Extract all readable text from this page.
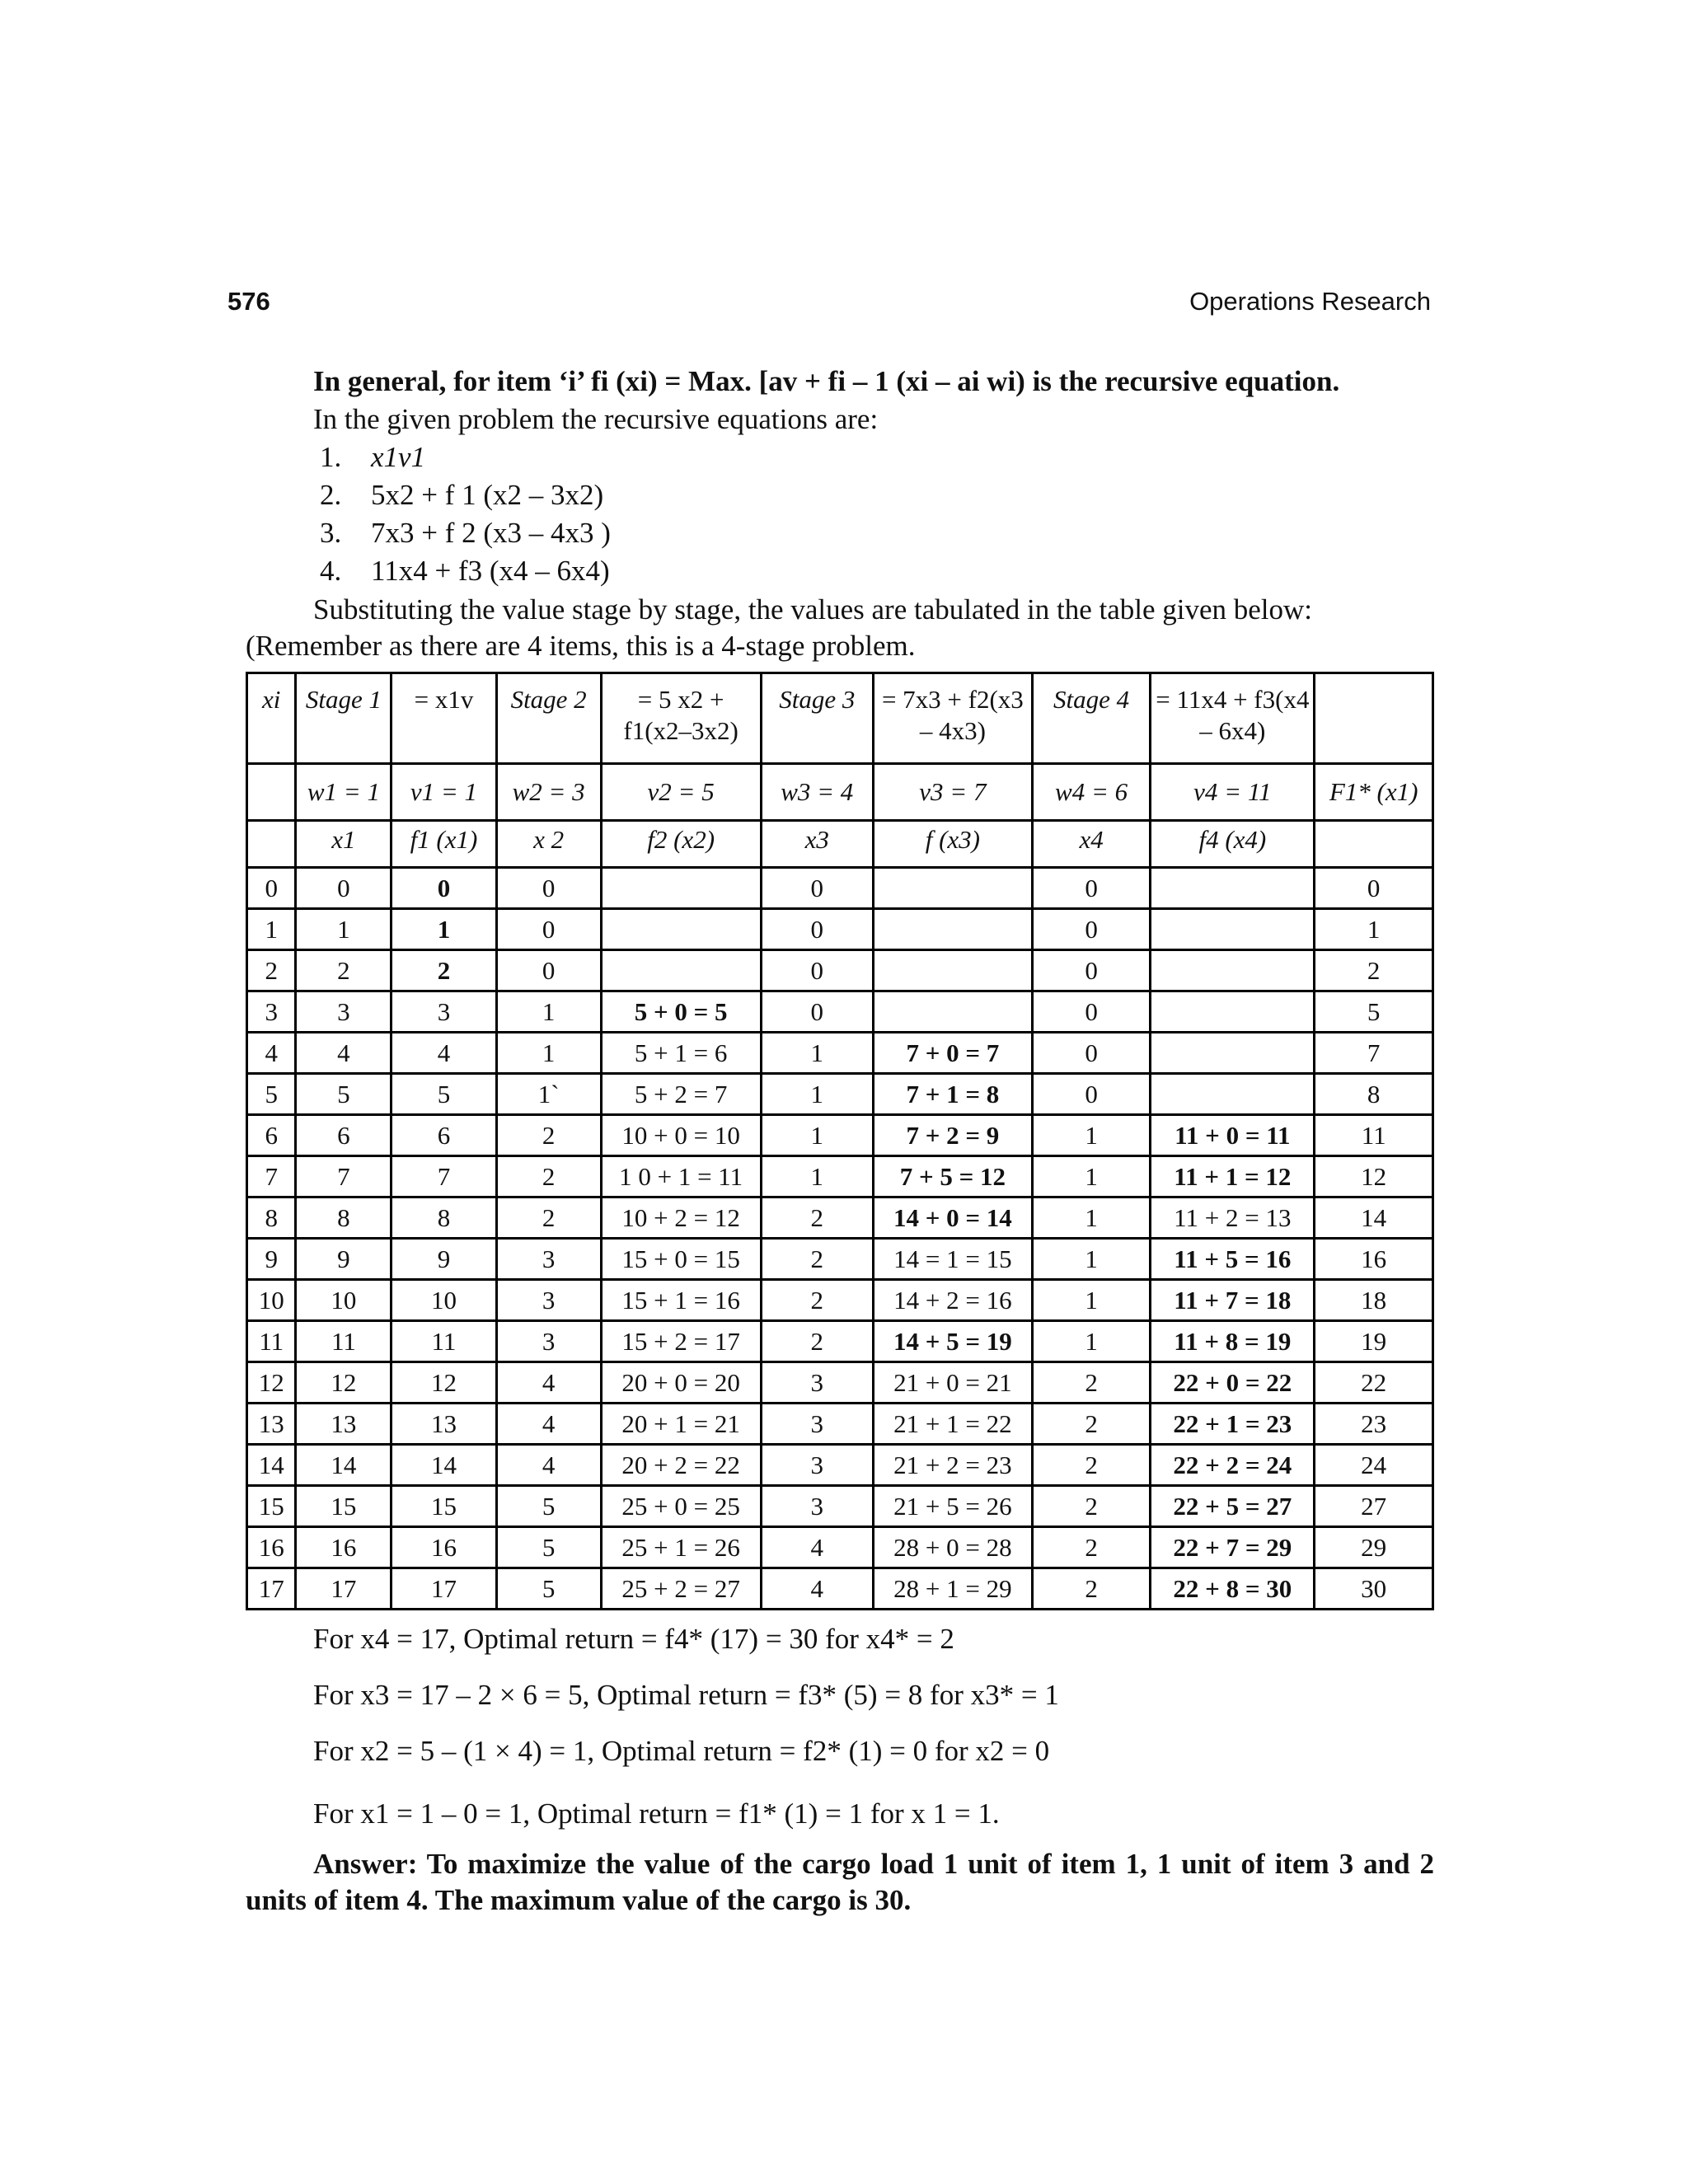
576	Operations Research
In general, for item ‘i’ fi (xi) = Max. [av + fi – 1 (xi – ai wi) is the recursive equation.

In the given problem the recursive equations are:

1.	x1v1
2.	5x2 + f 1 (x2 – 3x2)
3.	7x3 + f 2 (x3 – 4x3 )
4.	11x4 + f3 (x4 – 6x4)
Substituting the value stage by stage, the values are tabulated in the table given below: (Remember as there are 4 items, this is a 4-stage problem.
xi	Stage 1	= x1v	Stage 2	= 5 x2 + f1(x2–3x2)	Stage 3	= 7x3 + f2(x3 – 4x3)	Stage 4	= 11x4 + f3(x4 – 6x4)	
	w1 = 1	v1 = 1	w2 = 3	v2 = 5	w3 = 4	v3 = 7	w4 = 6	v4 = 11	F1* (x1)
	x1	f1 (x1)	x 2	f2 (x2)	x3	f (x3)	x4	f4 (x4)	
0	0	0	0		0		0		0
1	1	1	0		0		0		1
2	2	2	0		0		0		2
3	3	3	1	5 + 0 = 5	0		0		5
4	4	4	1	5 + 1 = 6	1	7 + 0 = 7	0		7
5	5	5	1`	5 + 2 = 7	1	7 + 1 = 8	0		8
6	6	6	2	10 + 0 = 10	1	7 + 2 = 9	1	11 + 0 = 11	11
7	7	7	2	1 0 + 1 = 11	1	7 + 5 = 12	1	11 + 1 = 12	12
8	8	8	2	10 + 2 = 12	2	14 + 0 = 14	1	11 + 2 = 13	14
9	9	9	3	15 + 0 = 15	2	14 = 1 = 15	1	11 + 5 = 16	16
10	10	10	3	15 + 1 = 16	2	14 + 2 = 16	1	11 + 7 = 18	18
11	11	11	3	15 + 2 = 17	2	14 + 5 = 19	1	11 + 8 = 19	19
12	12	12	4	20 + 0 = 20	3	21 + 0 = 21	2	22 + 0 = 22	22
13	13	13	4	20 + 1 = 21	3	21 + 1 = 22	2	22 + 1 = 23	23
14	14	14	4	20 + 2 = 22	3	21 + 2 = 23	2	22 + 2 = 24	24
15	15	15	5	25 + 0 = 25	3	21 + 5 = 26	2	22 + 5 = 27	27
16	16	16	5	25 + 1 = 26	4	28 + 0 = 28	2	22 + 7 = 29	29
17	17	17	5	25 + 2 = 27	4	28 + 1 = 29	2	22 + 8 = 30	30
For x4 = 17, Optimal return = f4* (17) = 30 for x4* = 2
For x3 = 17 – 2 × 6 = 5, Optimal return = f3* (5) = 8 for x3* = 1
For x2 = 5 – (1 × 4) = 1, Optimal return = f2* (1) = 0 for x2 = 0
For x1 = 1 – 0 = 1, Optimal return = f1* (1) = 1 for x 1 = 1.
Answer: To maximize the value of the cargo load 1 unit of item 1, 1 unit of item 3 and 2 units of item 4. The maximum value of the cargo is 30.
